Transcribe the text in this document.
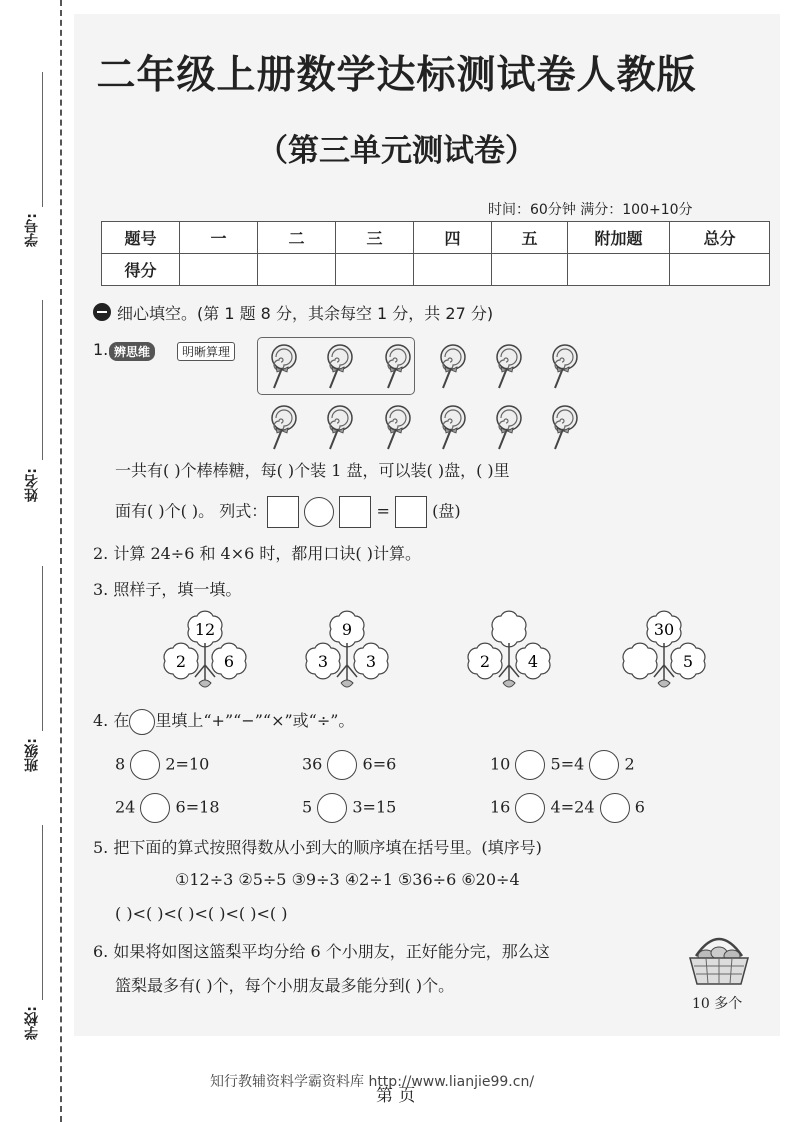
学号:
姓名:
班级:
学校:
二年级上册数学达标测试卷人教版
（第三单元测试卷）
时间：60分钟 满分：100+10分
题号	一	二	三	四	五	附加题	总分
得分							
细心填空。(第 1 题 8 分，其余每空 1 分，共 27 分)
1. 辨思维	明晰算理
一共有( )个棒棒糖，每( )个装 1 盘，可以装( )盘，( )里
面有( )个( )。 列式：	=	(盘)
2. 计算 24÷6 和 4×6 时，都用口诀( )计算。
3. 照样子，填一填。
12
2 6
9
3 3	2 4
30
5
4. 在 里填上“+”“−”“×”或“÷”。
8	2=10	36	6=6	10	5=4	2
24	6=18	5	3=15	16	4=24	6
5. 把下面的算式按照得数从小到大的顺序填在括号里。(填序号)
①12÷3 ②5÷5 ③9÷3 ④2÷1 ⑤36÷6 ⑥20÷4
( )<( )<( )<( )<( )<( )
6. 如果将如图这篮梨平均分给 6 个小朋友，正好能分完，那么这
篮梨最多有( )个，每个小朋友最多能分到( )个。
10 多个
知行教辅资料学霸资料库 http://www.lianjie99.cn/
第 页
